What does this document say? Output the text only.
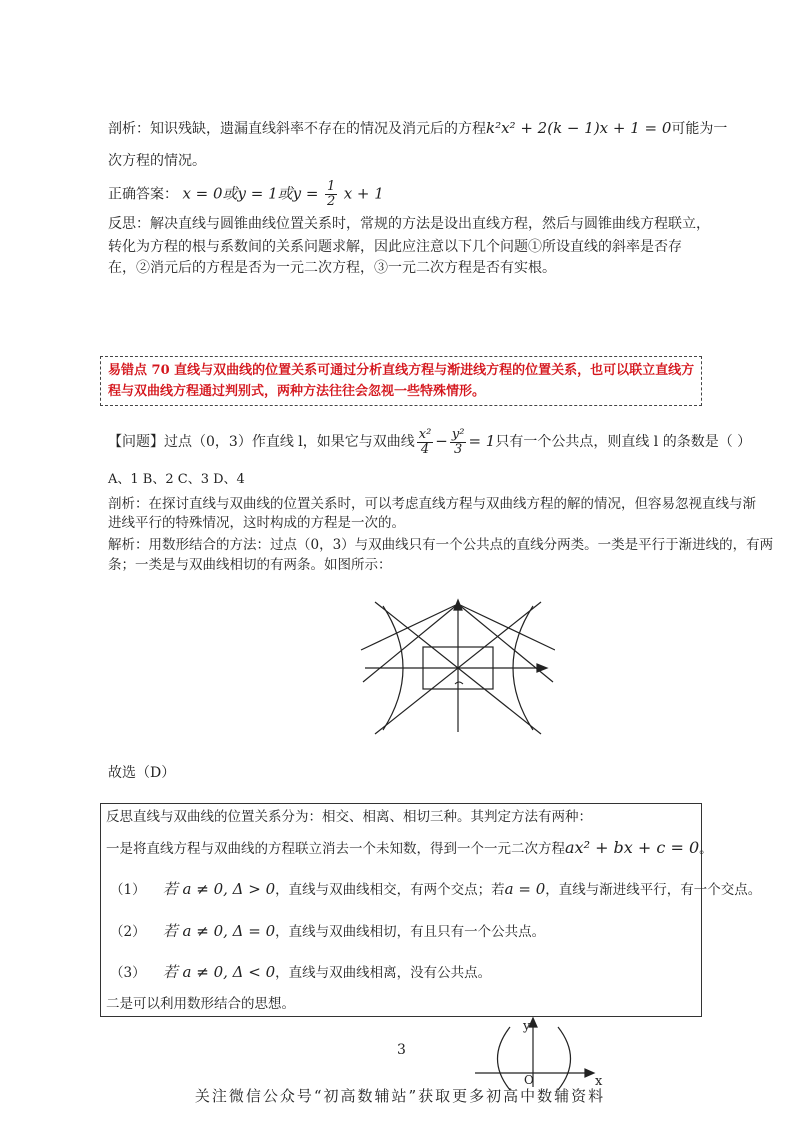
剖析：知识残缺，遗漏直线斜率不存在的情况及消元后的方程k²x² + 2(k − 1)x + 1 = 0可能为一
次方程的情况。
正确答案： x = 0或y = 1或$y = \frac{1}{2}$ x + 1
反思：解决直线与圆锥曲线位置关系时，常规的方法是设出直线方程，然后与圆锥曲线方程联立，
转化为方程的根与系数间的关系问题求解，因此应注意以下几个问题①所设直线的斜率是否存
在，②消元后的方程是否为一元二次方程，③一元二次方程是否有实根。
易错点 70 直线与双曲线的位置关系可通过分析直线方程与渐进线方程的位置关系，也可以联立直线方程与双曲线方程通过判别式，两种方法往往会忽视一些特殊情形。
【问题】过点（0，3）作直线 l，如果它与双曲线 $\frac{\text{x²}}{4} - \frac{\text{y²}}{3} = 1$只有一个公共点，则直线 l 的条数是（ ）
A、1 B、2 C、3 D、4
剖析：在探讨直线与双曲线的位置关系时，可以考虑直线方程与双曲线方程的解的情况，但容易忽视直线与渐
进线平行的特殊情况，这时构成的方程是一次的。
解析：用数形结合的方法：过点（0，3）与双曲线只有一个公共点的直线分两类。一类是平行于渐进线的，有两
条；一类是与双曲线相切的有两条。如图所示：
故选（D）
反思直线与双曲线的位置关系分为：相交、相离、相切三种。其判定方法有两种：
一是将直线方程与双曲线的方程联立消去一个未知数，得到一个一元二次方程ax² + bx + c = 0。
（1） 若 a ≠ 0, Δ > 0，直线与双曲线相交，有两个交点；若a = 0，直线与渐进线平行，有一个交点。
（2） 若 a ≠ 0, Δ = 0，直线与双曲线相切，有且只有一个公共点。
（3） 若 a ≠ 0, Δ < 0，直线与双曲线相离，没有公共点。
二是可以利用数形结合的思想。
3
y
x
O
关注微信公众号“初高数辅站”获取更多初高中数辅资料
